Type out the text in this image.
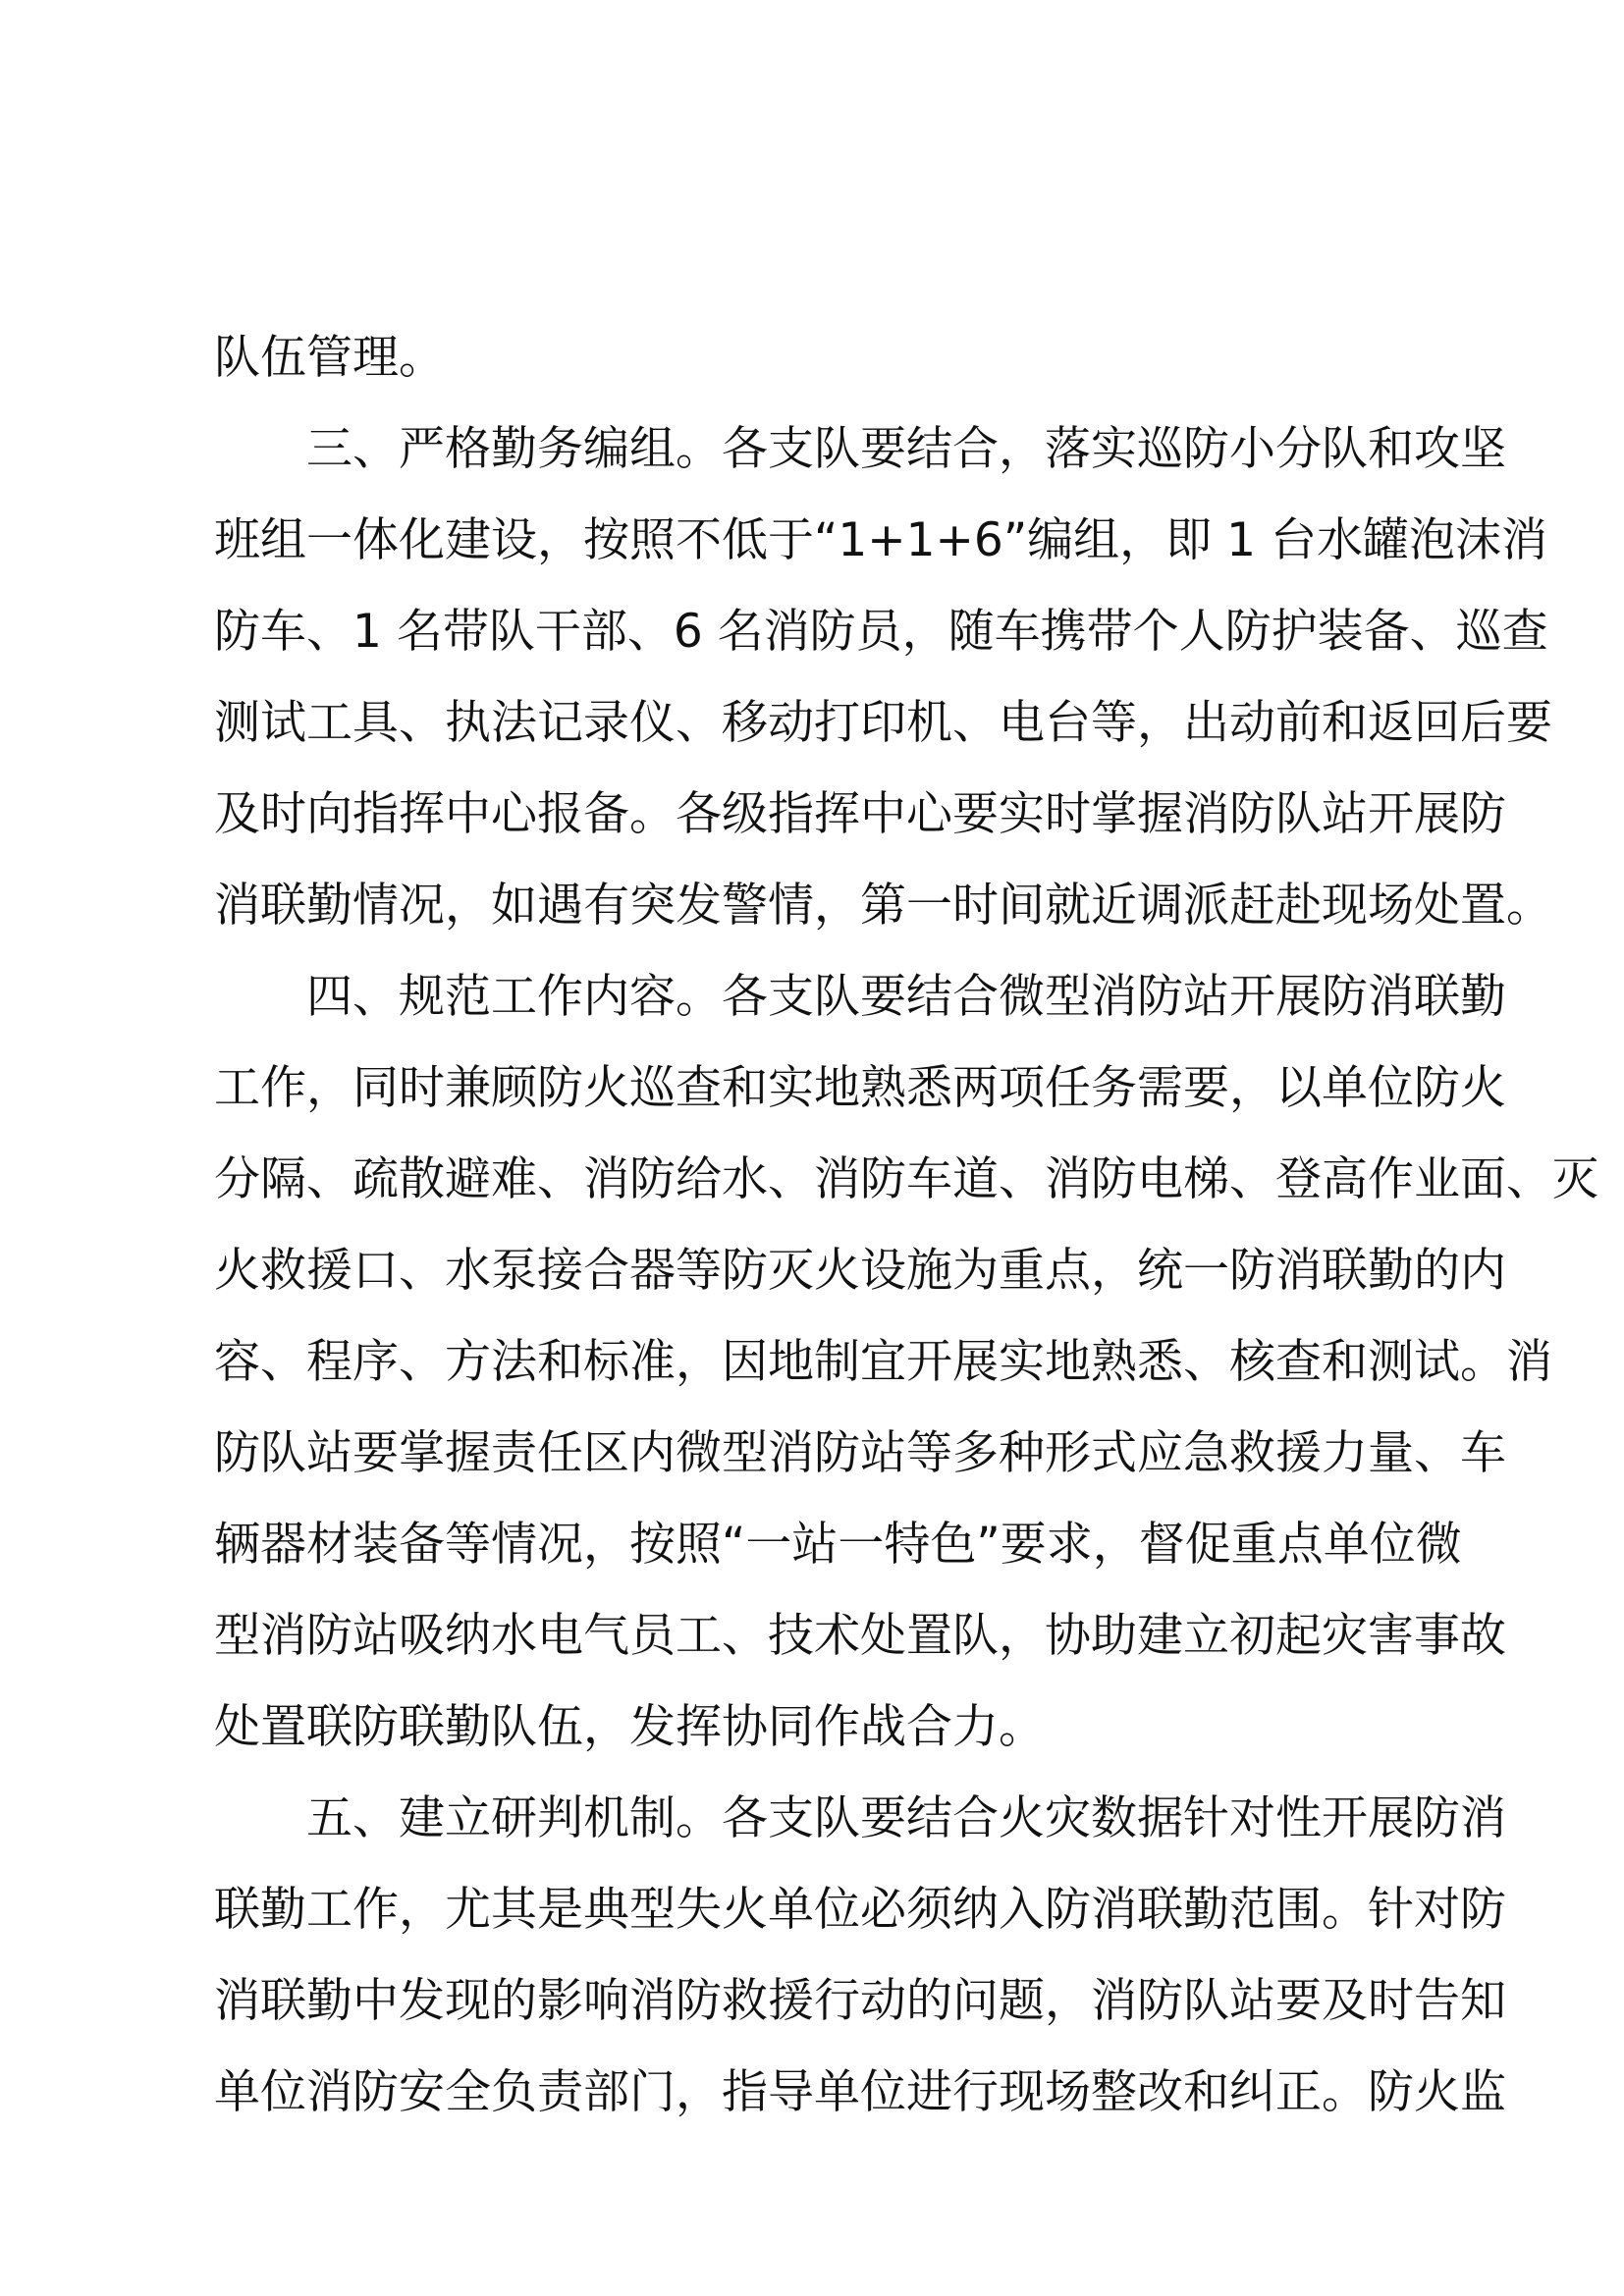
队伍管理。
三、严格勤务编组。各支队要结合，落实巡防小分队和攻坚
班组一体化建设，按照不低于“1+1+6”编组，即 1 台水罐泡沫消
防车、1 名带队干部、6 名消防员，随车携带个人防护装备、巡查
测试工具、执法记录仪、移动打印机、电台等，出动前和返回后要
及时向指挥中心报备。各级指挥中心要实时掌握消防队站开展防
消联勤情况，如遇有突发警情，第一时间就近调派赶赴现场处置。
四、规范工作内容。各支队要结合微型消防站开展防消联勤
工作，同时兼顾防火巡查和实地熟悉两项任务需要，以单位防火
分隔、疏散避难、消防给水、消防车道、消防电梯、登高作业面、灭
火救援口、水泵接合器等防灭火设施为重点，统一防消联勤的内
容、程序、方法和标准，因地制宜开展实地熟悉、核查和测试。消
防队站要掌握责任区内微型消防站等多种形式应急救援力量、车
辆器材装备等情况，按照“一站一特色”要求，督促重点单位微
型消防站吸纳水电气员工、技术处置队，协助建立初起灾害事故
处置联防联勤队伍，发挥协同作战合力。
五、建立研判机制。各支队要结合火灾数据针对性开展防消
联勤工作，尤其是典型失火单位必须纳入防消联勤范围。针对防
消联勤中发现的影响消防救援行动的问题，消防队站要及时告知
单位消防安全负责部门，指导单位进行现场整改和纠正。防火监
